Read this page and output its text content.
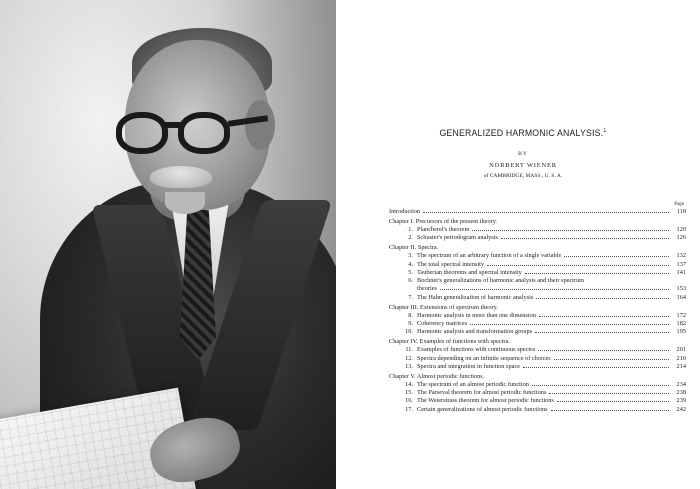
GENERALIZED HARMONIC ANALYSIS.$^1$
BY
NORBERT WIENER
of CAMBRIDGE, MASS., U. S. A.
Page
Introduction	118
Chapter I. Precursors of the present theory.
1. Plancherel's theorem	120
2. Schuster's periodogram analysis	126
Chapter II. Spectra.
3. The spectrum of an arbitrary function of a single variable	132
4. The total spectral intensity	137
5. Tauberian theorems and spectral intensity	141
6. Bochner's generalizations of harmonic analysis and their spectrum
theories	153
7. The Hahn generalization of harmonic analysis	164
Chapter III. Extensions of spectrum theory.
8. Harmonic analysis in more than one dimension	172
9. Coherency matrices	182
10. Harmonic analysis and transformation groups	195
Chapter IV. Examples of functions with spectra.
11. Examples of functions with continuous spectra	201
12. Spectra depending on an infinite sequence of choices	210
13. Spectra and integration in function space	214
Chapter V. Almost periodic functions.
14. The spectrum of an almost periodic function	234
15. The Parseval theorem for almost periodic functions	238
16. The Weierstrass theorem for almost periodic functions	239
17. Certain generalizations of almost periodic functions	242
